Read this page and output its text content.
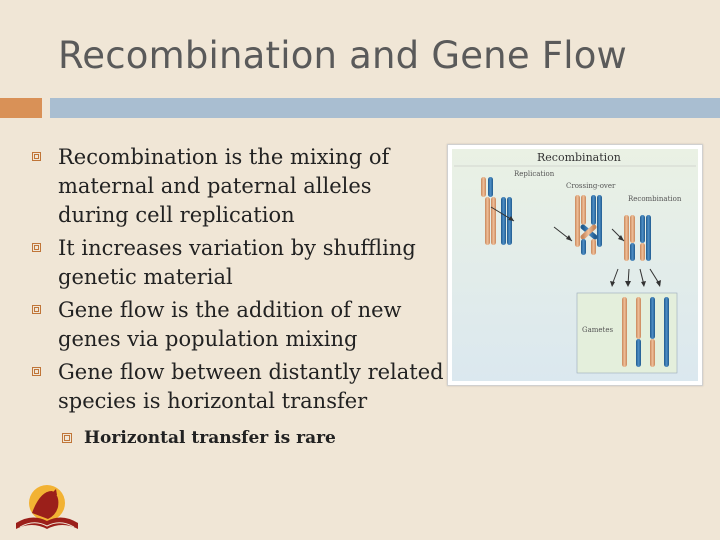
Recombination and Gene Flow
Recombination is the mixing of maternal and paternal alleles during cell replication
It increases variation by shuffling genetic material
Gene flow is the addition of new genes via population mixing
Gene flow between distantly related species is horizontal transfer
Horizontal transfer is rare
Recombination
Replication
Crossing-over
Recombination
Gametes
